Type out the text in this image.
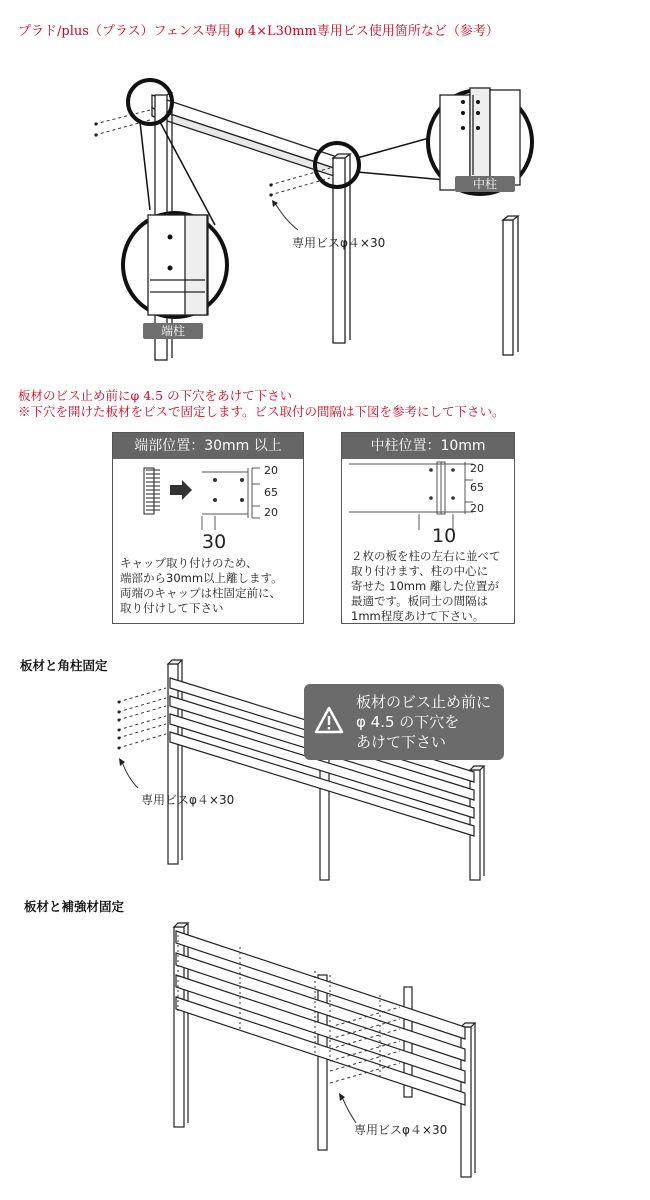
プラド/plus（プラス）フェンス専用 φ 4×L30mm専用ビス使用箇所など（参考）
中柱
端柱
専用ビスφ４×30
板材のビス止め前にφ 4.5 の下穴をあけて下さい
※下穴を開けた板材をビスで固定します。ビス取付の間隔は下図を参考にして下さい。
端部位置：30mm 以上
20
65
20
30
キャップ取り付けのため、
端部から30mm以上離します。
両端のキャップは柱固定前に、
取り付けして下さい
中柱位置：10mm
20
65
20
10
２枚の板を柱の左右に並べて
取り付けます、柱の中心に
寄せた 10mm 離した位置が
最適です。板同士の間隔は
1mm程度あけて下さい。
板材と角柱固定
板材のビス止め前に
φ 4.5 の下穴を
あけて下さい
専用ビスφ４×30
板材と補強材固定
専用ビスφ４×30
